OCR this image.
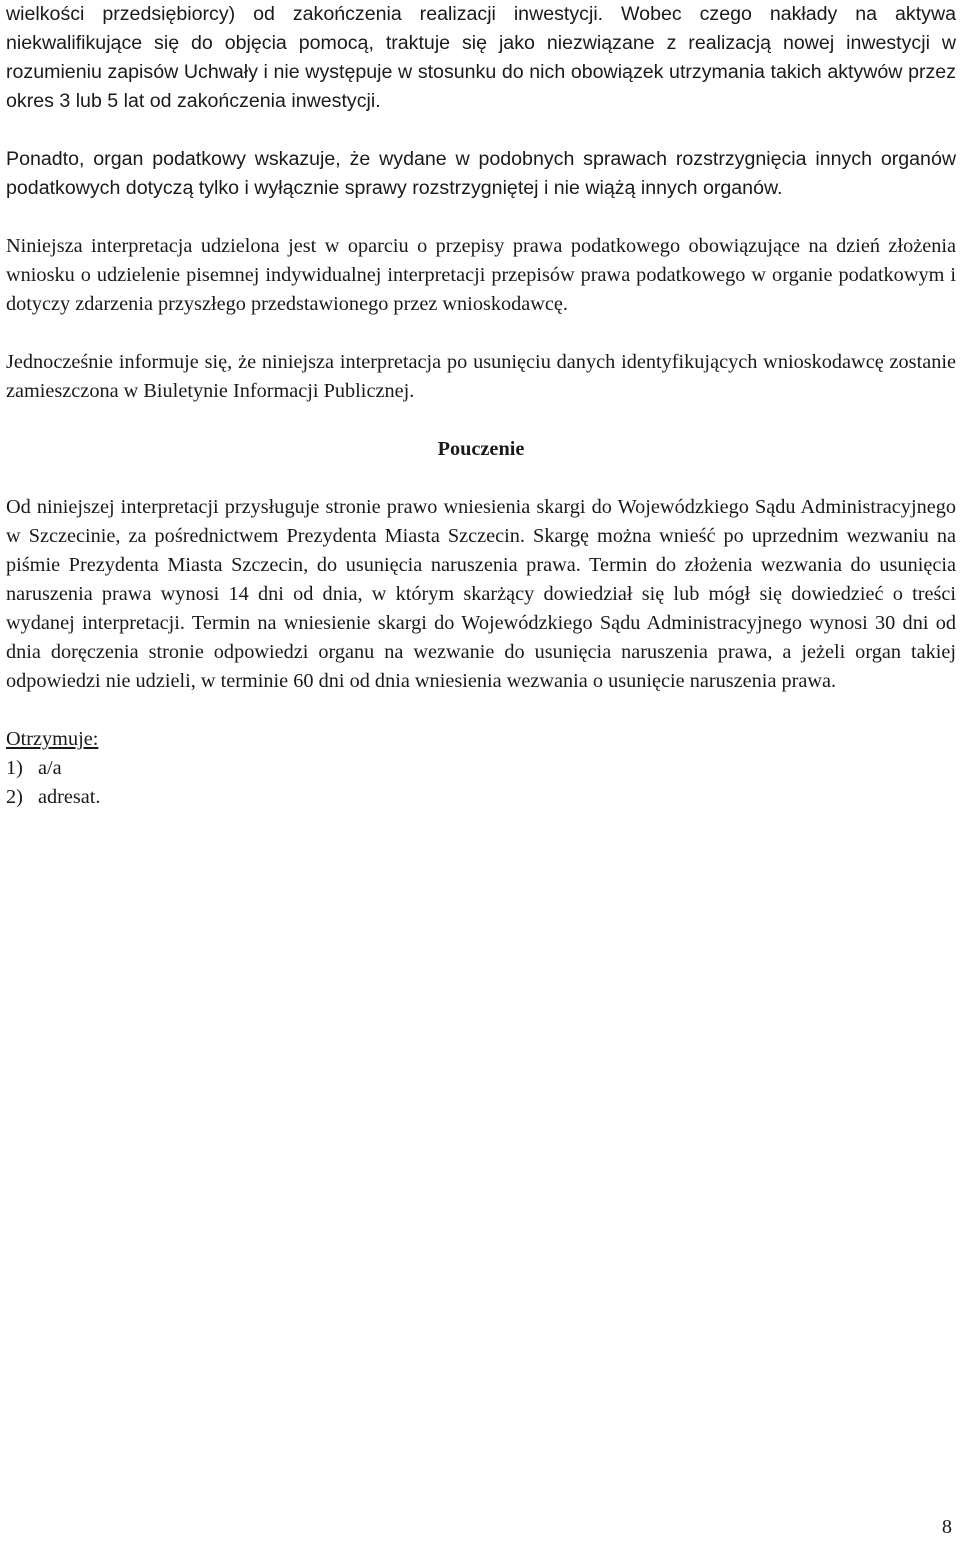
wielkości przedsiębiorcy) od zakończenia realizacji inwestycji. Wobec czego nakłady na aktywa niekwalifikujące się do objęcia pomocą, traktuje się jako niezwiązane z realizacją nowej inwestycji w rozumieniu zapisów Uchwały i nie występuje w stosunku do nich obowiązek utrzymania takich aktywów przez okres 3 lub 5 lat od zakończenia inwestycji.

Ponadto, organ podatkowy wskazuje, że wydane w podobnych sprawach rozstrzygnięcia innych organów podatkowych dotyczą tylko i wyłącznie sprawy rozstrzygniętej i nie wiążą innych organów.

Niniejsza interpretacja udzielona jest w oparciu o przepisy prawa podatkowego obowiązujące na dzień złożenia wniosku o udzielenie pisemnej indywidualnej interpretacji przepisów prawa podatkowego w organie podatkowym i dotyczy zdarzenia przyszłego przedstawionego przez wnioskodawcę.

Jednocześnie informuje się, że niniejsza interpretacja po usunięciu danych identyfikujących wnioskodawcę zostanie zamieszczona w Biuletynie Informacji Publicznej.

Pouczenie

Od niniejszej interpretacji przysługuje stronie prawo wniesienia skargi do Wojewódzkiego Sądu Administracyjnego w Szczecinie, za pośrednictwem Prezydenta Miasta Szczecin. Skargę można wnieść po uprzednim wezwaniu na piśmie Prezydenta Miasta Szczecin, do usunięcia naruszenia prawa. Termin do złożenia wezwania do usunięcia naruszenia prawa wynosi 14 dni od dnia, w którym skarżący dowiedział się lub mógł się dowiedzieć o treści wydanej interpretacji. Termin na wniesienie skargi do Wojewódzkiego Sądu Administracyjnego wynosi 30 dni od dnia doręczenia stronie odpowiedzi organu na wezwanie do usunięcia naruszenia prawa, a jeżeli organ takiej odpowiedzi nie udzieli, w terminie 60 dni od dnia wniesienia wezwania o usunięcie naruszenia prawa.

Otrzymuje:

1) a/a

2) adresat.

8
